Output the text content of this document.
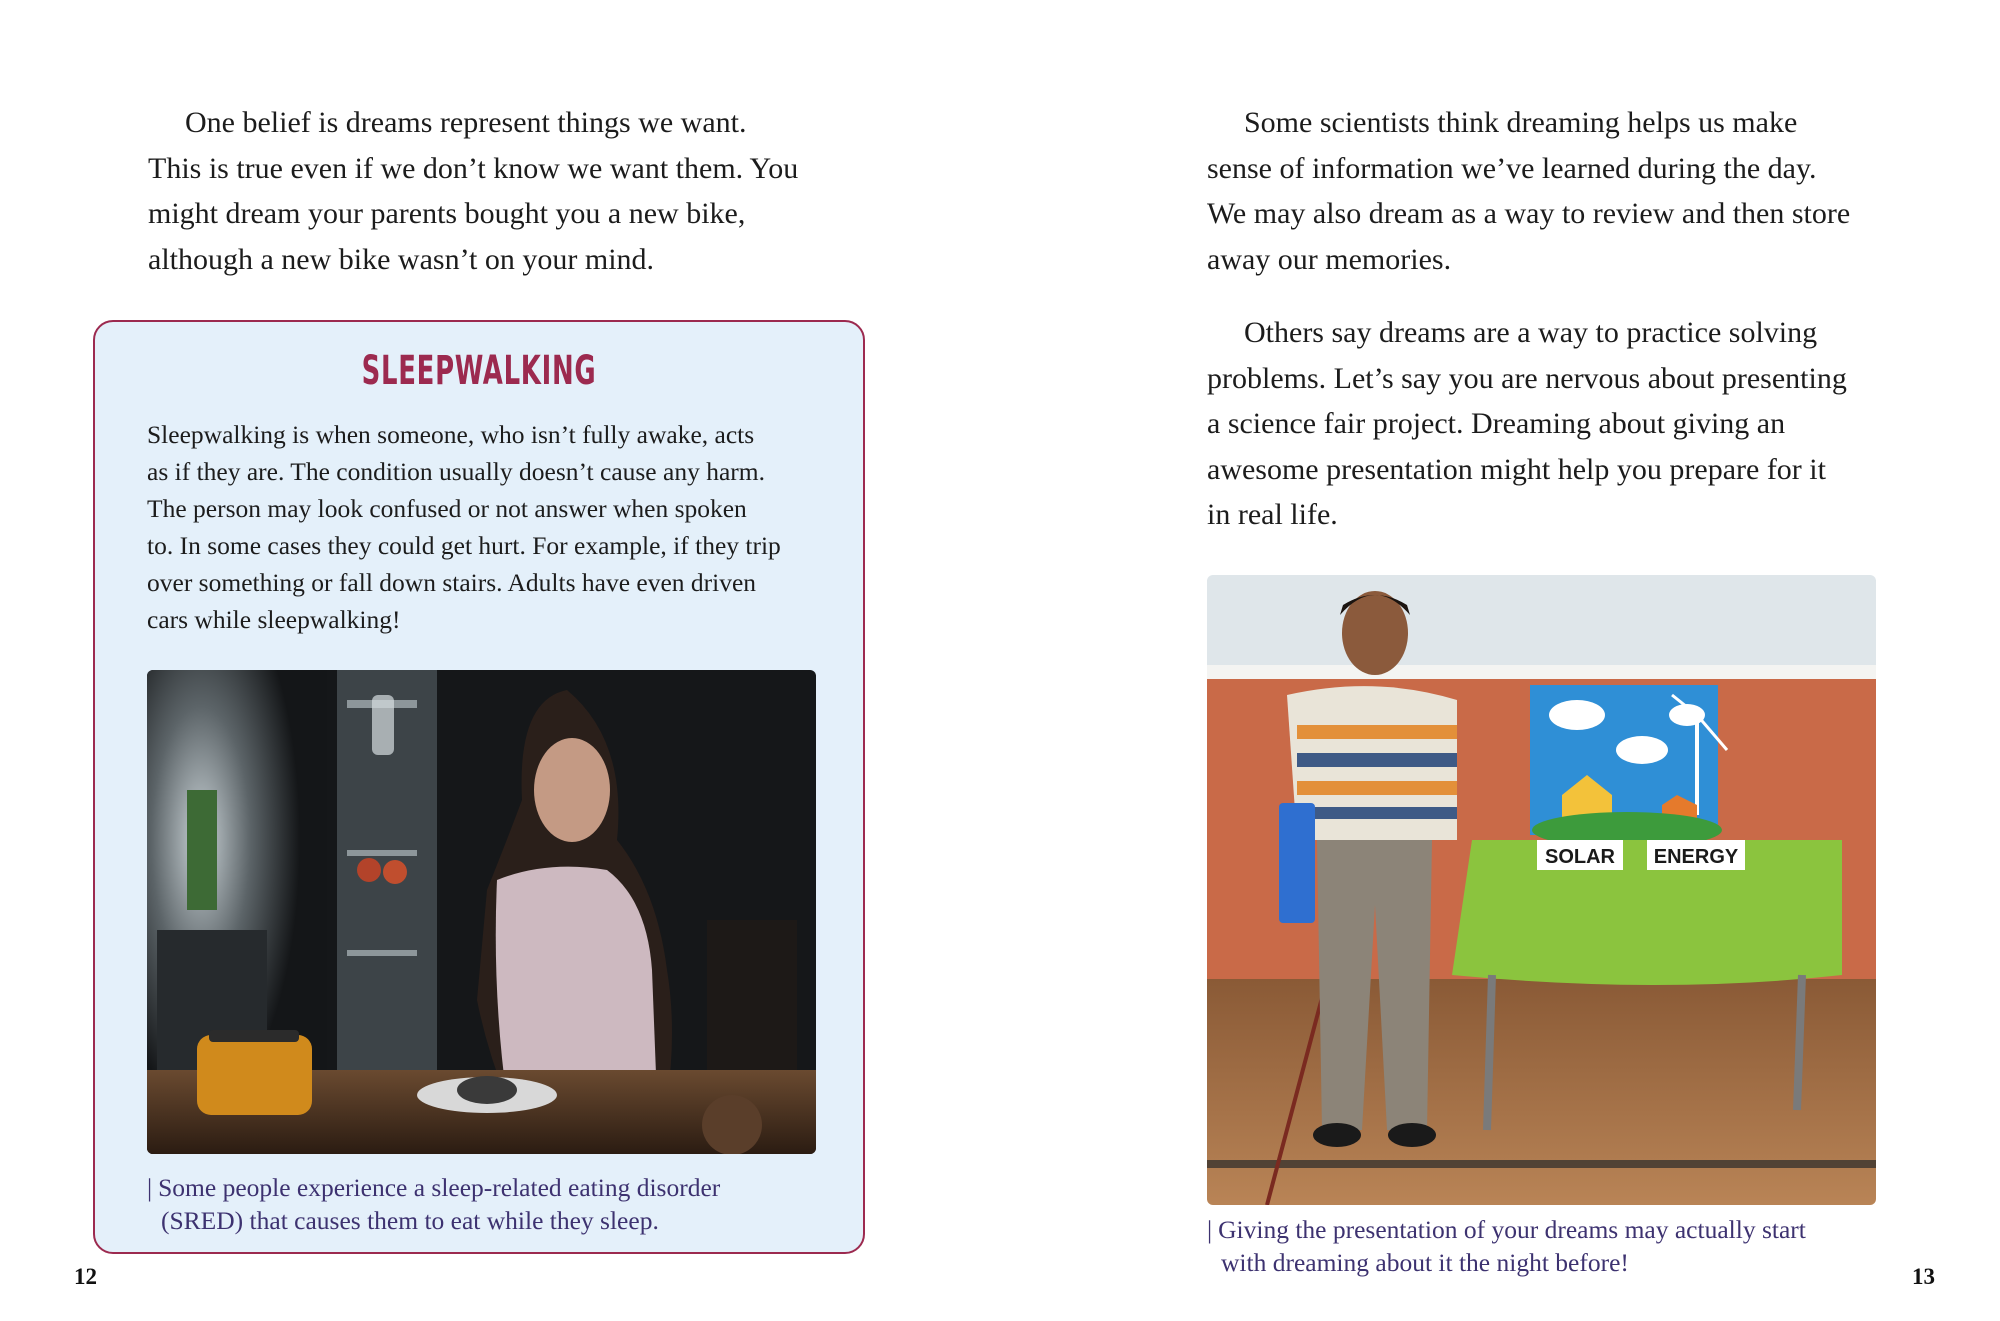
One belief is dreams represent things we want.
This is true even if we don’t know we want them. You
might dream your parents bought you a new bike,
although a new bike wasn’t on your mind.

SLEEPWALKING

Sleepwalking is when someone, who isn’t fully awake, acts
as if they are. The condition usually doesn’t cause any harm.
The person may look confused or not answer when spoken
to. In some cases they could get hurt. For example, if they trip
over something or fall down stairs. Adults have even driven
cars while sleepwalking!

| Some people experience a sleep-related eating disorder
(SRED) that causes them to eat while they sleep.

12

Some scientists think dreaming helps us make
sense of information we’ve learned during the day.
We may also dream as a way to review and then store
away our memories.

Others say dreams are a way to practice solving
problems. Let’s say you are nervous about presenting
a science fair project. Dreaming about giving an
awesome presentation might help you prepare for it
in real life.

SOLAR ENERGY

| Giving the presentation of your dreams may actually start
with dreaming about it the night before!	13
